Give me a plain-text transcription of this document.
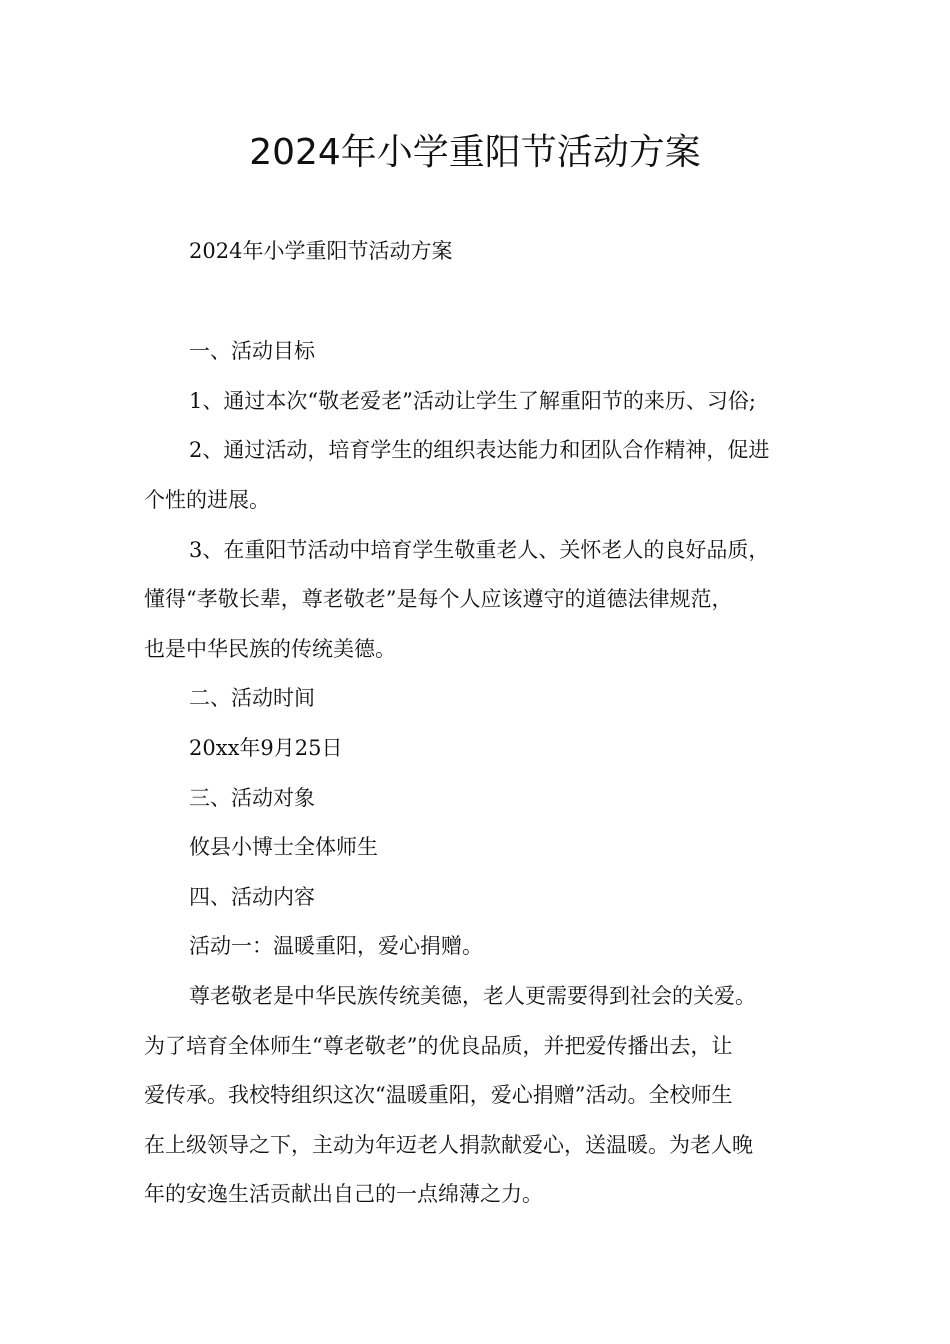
2024年小学重阳节活动方案
2024年小学重阳节活动方案
一、活动目标
1、通过本次“敬老爱老”活动让学生了解重阳节的来历、习俗;
2、通过活动，培育学生的组织表达能力和团队合作精神，促进
个性的进展。
3、在重阳节活动中培育学生敬重老人、关怀老人的良好品质，
懂得“孝敬长辈，尊老敬老”是每个人应该遵守的道德法律规范，
也是中华民族的传统美德。
二、活动时间
20xx年9月25日
三、活动对象
攸县小博士全体师生
四、活动内容
活动一：温暖重阳，爱心捐赠。
尊老敬老是中华民族传统美德，老人更需要得到社会的关爱。
为了培育全体师生“尊老敬老”的优良品质，并把爱传播出去，让
爱传承。我校特组织这次“温暖重阳，爱心捐赠”活动。全校师生
在上级领导之下，主动为年迈老人捐款献爱心，送温暖。为老人晚
年的安逸生活贡献出自己的一点绵薄之力。
